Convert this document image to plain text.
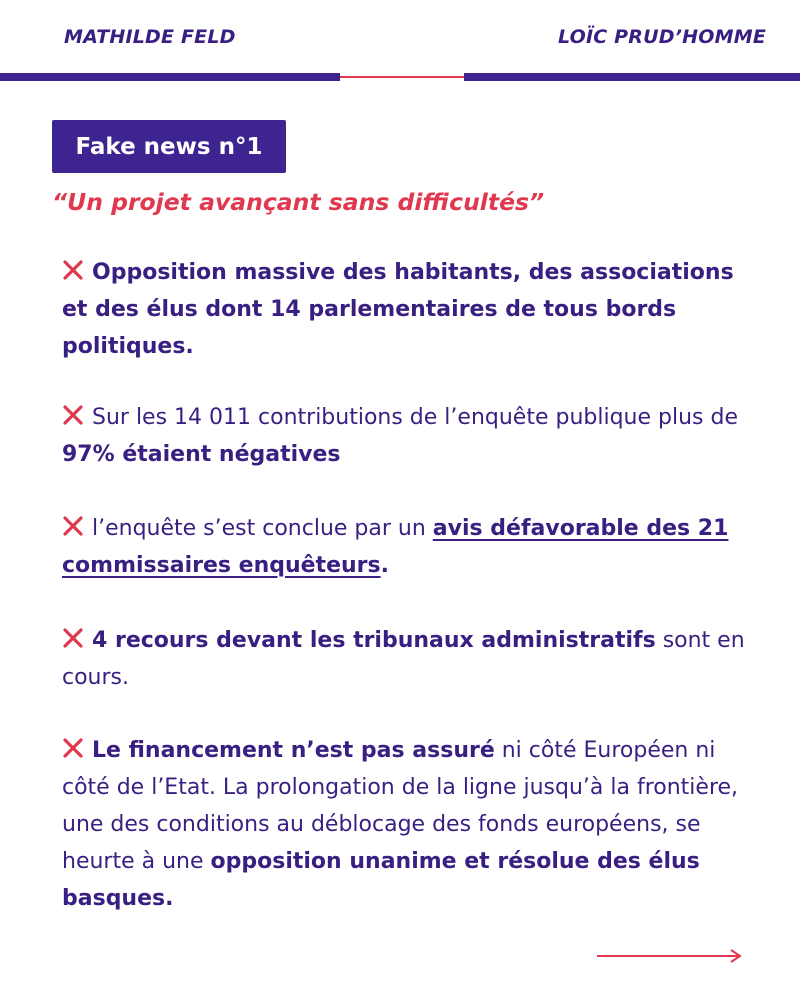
MATHILDE FELD	LOÏC PRUD’HOMME
Fake news n°1
“Un projet avançant sans difficultés”

Opposition massive des habitants, des associations et des élus dont 14 parlementaires de tous bords politiques.

Sur les 14 011 contributions de l’enquête publique plus de 97% étaient négatives

l’enquête s’est conclue par un avis défavorable des 21 commissaires enquêteurs.

4 recours devant les tribunaux administratifs sont en cours.

Le financement n’est pas assuré ni côté Européen ni côté de l’Etat. La prolongation de la ligne jusqu’à la frontière, une des conditions au déblocage des fonds européens, se heurte à une opposition unanime et résolue des élus basques.
